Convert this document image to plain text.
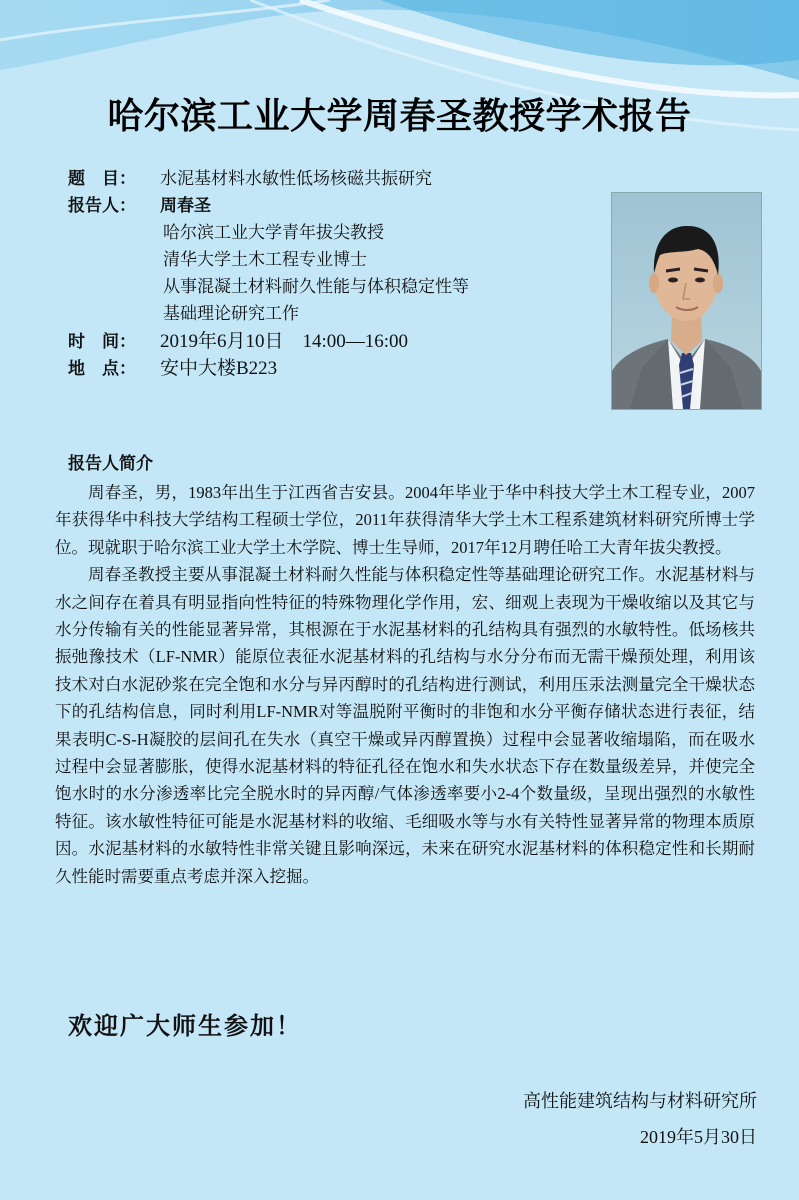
哈尔滨工业大学周春圣教授学术报告
题　目： 水泥基材料水敏性低场核磁共振研究
报告人： 周春圣
哈尔滨工业大学青年拔尖教授
清华大学土木工程专业博士
从事混凝土材料耐久性能与体积稳定性等
基础理论研究工作
时　间： 2019年6月10日　14:00—16:00
地　点： 安中大楼B223
报告人简介

周春圣，男，1983年出生于江西省吉安县。2004年毕业于华中科技大学土木工程专业，2007年获得华中科技大学结构工程硕士学位，2011年获得清华大学土木工程系建筑材料研究所博士学位。现就职于哈尔滨工业大学土木学院、博士生导师，2017年12月聘任哈工大青年拔尖教授。

周春圣教授主要从事混凝土材料耐久性能与体积稳定性等基础理论研究工作。水泥基材料与水之间存在着具有明显指向性特征的特殊物理化学作用，宏、细观上表现为干燥收缩以及其它与水分传输有关的性能显著异常，其根源在于水泥基材料的孔结构具有强烈的水敏特性。低场核共振弛豫技术（LF-NMR）能原位表征水泥基材料的孔结构与水分分布而无需干燥预处理，利用该技术对白水泥砂浆在完全饱和水分与异丙醇时的孔结构进行测试，利用压汞法测量完全干燥状态下的孔结构信息，同时利用LF-NMR对等温脱附平衡时的非饱和水分平衡存储状态进行表征，结果表明C-S-H凝胶的层间孔在失水（真空干燥或异丙醇置换）过程中会显著收缩塌陷，而在吸水过程中会显著膨胀，使得水泥基材料的特征孔径在饱水和失水状态下存在数量级差异，并使完全饱水时的水分渗透率比完全脱水时的异丙醇/气体渗透率要小2-4个数量级，呈现出强烈的水敏性特征。该水敏性特征可能是水泥基材料的收缩、毛细吸水等与水有关特性显著异常的物理本质原因。水泥基材料的水敏特性非常关键且影响深远，未来在研究水泥基材料的体积稳定性和长期耐久性能时需要重点考虑并深入挖掘。

欢迎广大师生参加！
高性能建筑结构与材料研究所
2019年5月30日
